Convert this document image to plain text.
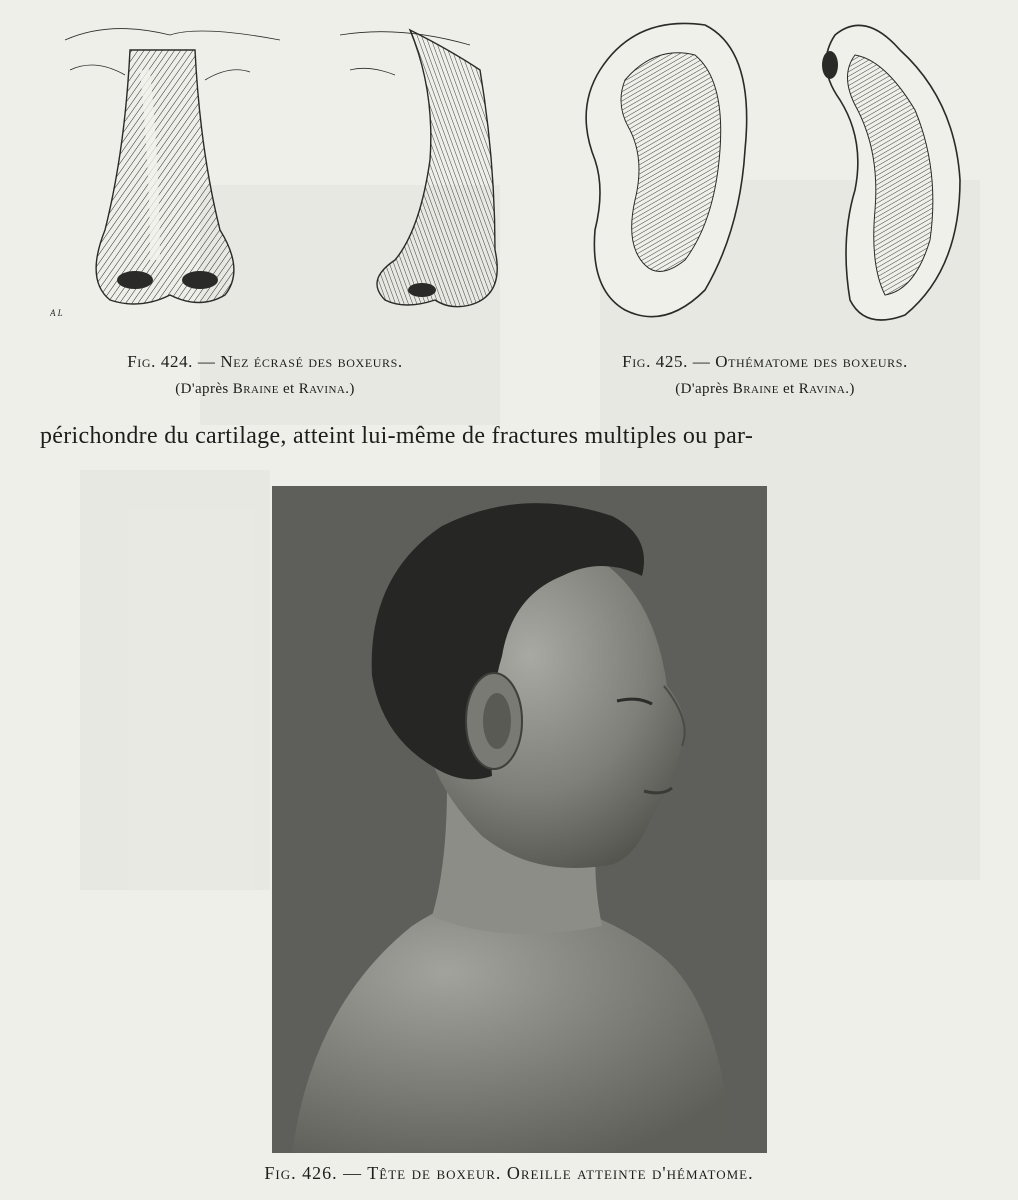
A L
Fig. 424. — Nez écrasé des boxeurs.
(D'après Braine et Ravina.)
Fig. 425. — Othématome des boxeurs.
(D'après Braine et Ravina.)
périchondre du cartilage, atteint lui-même de fractures multiples ou par-
Fig. 426. — Tête de boxeur. Oreille atteinte d'hématome.
